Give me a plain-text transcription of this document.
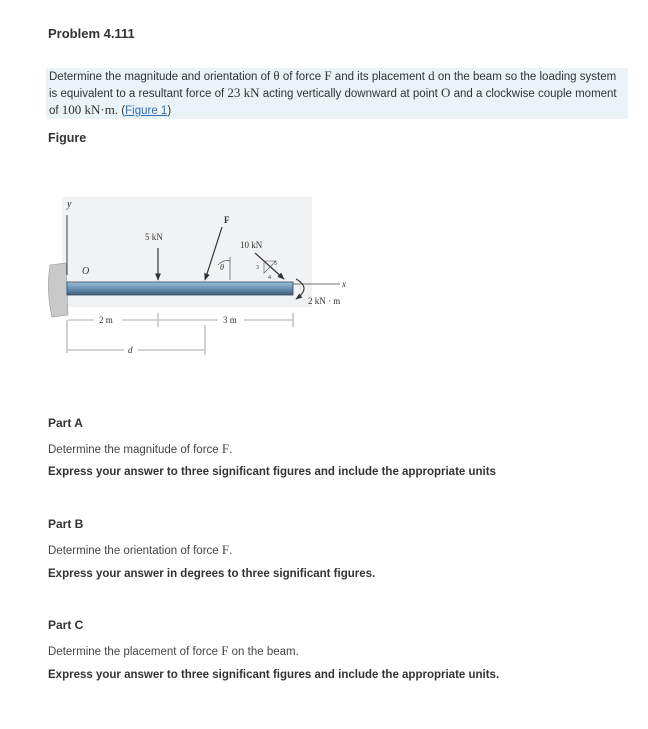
Problem 4.111
Determine the magnitude and orientation of θ of force F and its placement d on the beam so the loading system is equivalent to a resultant force of 23 kN acting vertically downward at point O and a clockwise couple moment of 100 kN·m. (Figure 1)
Figure
y
O
x
5 kN
F
θ
10 kN
3
4
5
2 kN · m
2 m	3 m
d
Part A
Determine the magnitude of force F.
Express your answer to three significant figures and include the appropriate units
Part B
Determine the orientation of force F.
Express your answer in degrees to three significant figures.
Part C
Determine the placement of force F on the beam.
Express your answer to three significant figures and include the appropriate units.
